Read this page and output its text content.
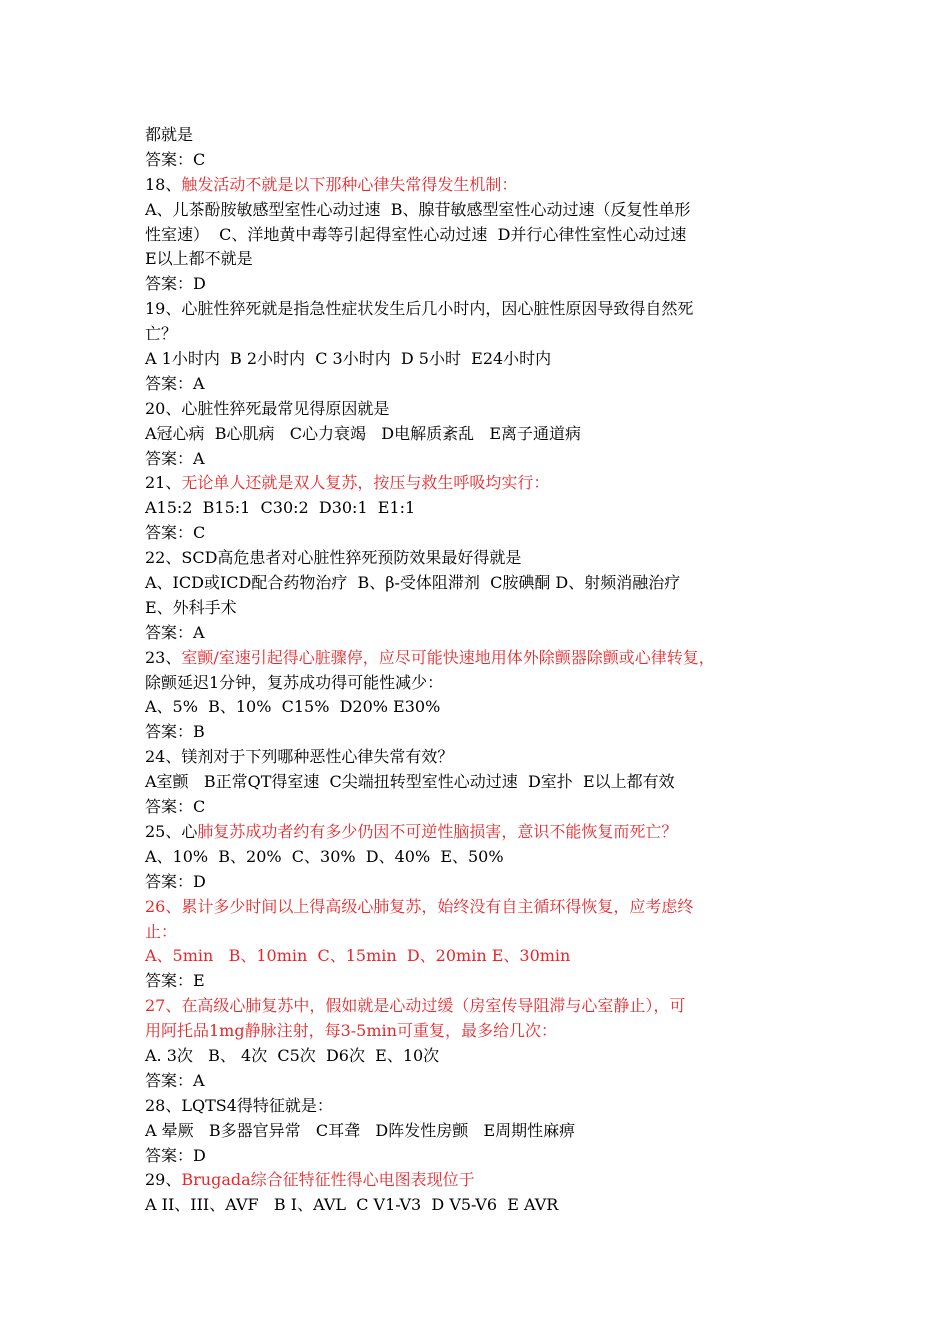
都就是
答案：C
18、触发活动不就是以下那种心律失常得发生机制：
A、儿茶酚胺敏感型室性心动过速  B、腺苷敏感型室性心动过速（反复性单形
性室速）  C、洋地黄中毒等引起得室性心动过速  D并行心律性室性心动过速
E以上都不就是
答案：D
19、心脏性猝死就是指急性症状发生后几小时内，因心脏性原因导致得自然死
亡？
A 1小时内  B 2小时内  C 3小时内  D 5小时  E24小时内
答案：A
20、心脏性猝死最常见得原因就是
A冠心病  B心肌病   C心力衰竭   D电解质紊乱   E离子通道病
答案：A
21、无论单人还就是双人复苏，按压与救生呼吸均实行：
A15:2  B15:1  C30:2  D30:1  E1:1
答案：C
22、SCD高危患者对心脏性猝死预防效果最好得就是
A、ICD或ICD配合药物治疗  B、β-受体阻滞剂  C胺碘酮 D、射频消融治疗
E、外科手术
答案：A
23、室颤/室速引起得心脏骤停，应尽可能快速地用体外除颤器除颤或心律转复，
除颤延迟1分钟，复苏成功得可能性减少：
A、5%  B、10%  C15%  D20% E30%
答案：B
24、镁剂对于下列哪种恶性心律失常有效？
A室颤   B正常QT得室速  C尖端扭转型室性心动过速  D室扑  E以上都有效
答案：C
25、心肺复苏成功者约有多少仍因不可逆性脑损害，意识不能恢复而死亡？
A、10%  B、20%  C、30%  D、40%  E、50%
答案：D
26、累计多少时间以上得高级心肺复苏，始终没有自主循环得恢复，应考虑终
止：
A、5min   B、10min  C、15min  D、20min E、30min
答案：E
27、在高级心肺复苏中，假如就是心动过缓（房室传导阻滞与心室静止），可
用阿托品1mg静脉注射，每3-5min可重复，最多给几次：
A. 3次   B、 4次  C5次  D6次  E、10次
答案：A
28、LQTS4得特征就是：
A 晕厥   B多器官异常   C耳聋   D阵发性房颤   E周期性麻痹
答案：D
29、Brugada综合征特征性得心电图表现位于
A II、III、AVF   B I、AVL  C V1-V3  D V5-V6  E AVR
